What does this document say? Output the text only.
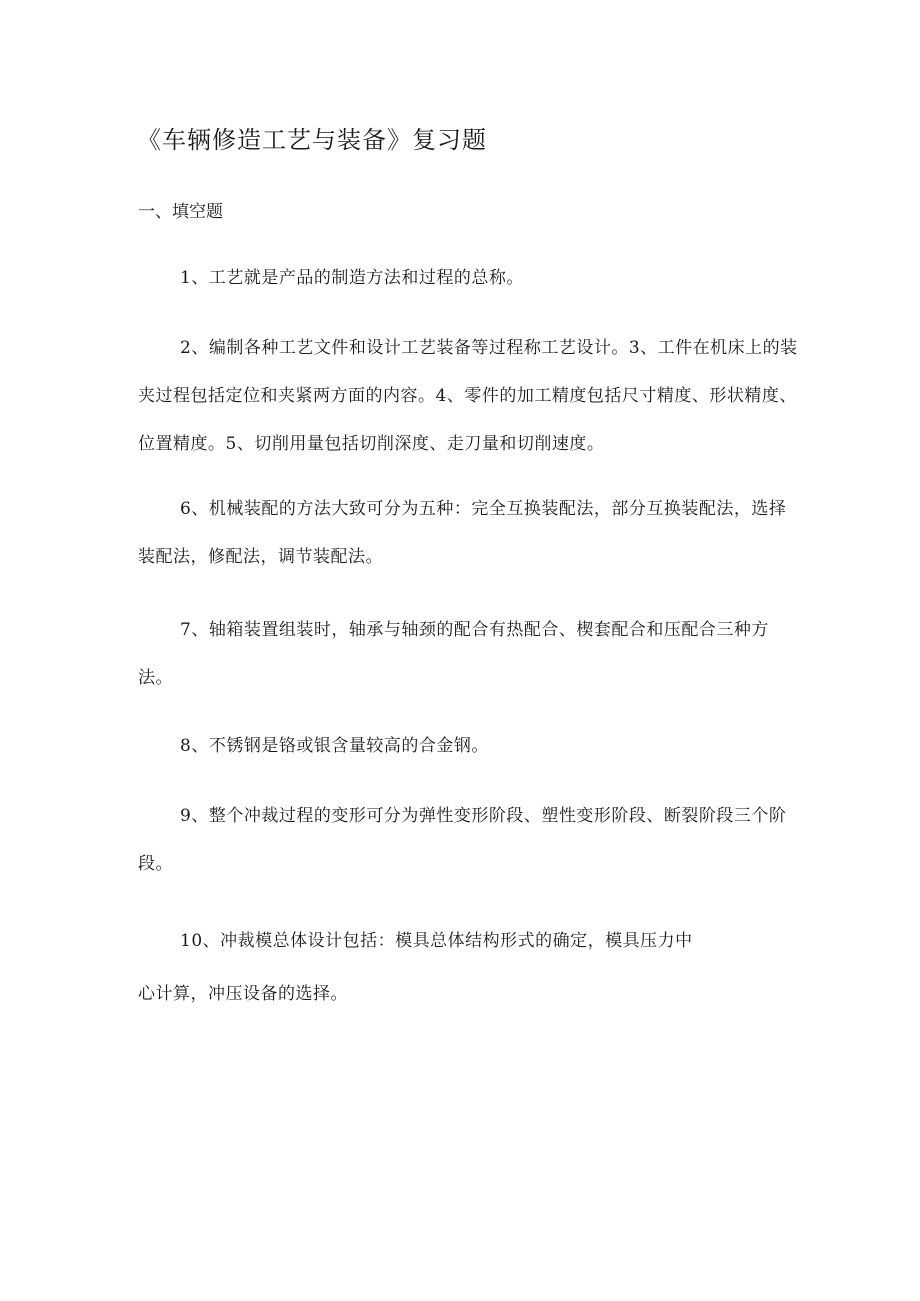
《车辆修造工艺与装备》复习题
一、填空题

1、工艺就是产品的制造方法和过程的总称。

2、编制各种工艺文件和设计工艺装备等过程称工艺设计。3、工件在机床上的装夹过程包括定位和夹紧两方面的内容。4、零件的加工精度包括尺寸精度、形状精度、位置精度。5、切削用量包括切削深度、走刀量和切削速度。

6、机械装配的方法大致可分为五种：完全互换装配法，部分互换装配法，选择装配法，修配法，调节装配法。

7、轴箱装置组装时，轴承与轴颈的配合有热配合、楔套配合和压配合三种方法。

8、不锈钢是铬或银含量较高的合金钢。

9、整个冲裁过程的变形可分为弹性变形阶段、塑性变形阶段、断裂阶段三个阶段。

10、冲裁模总体设计包括：模具总体结构形式的确定，模具压力中

心计算，冲压设备的选择。
